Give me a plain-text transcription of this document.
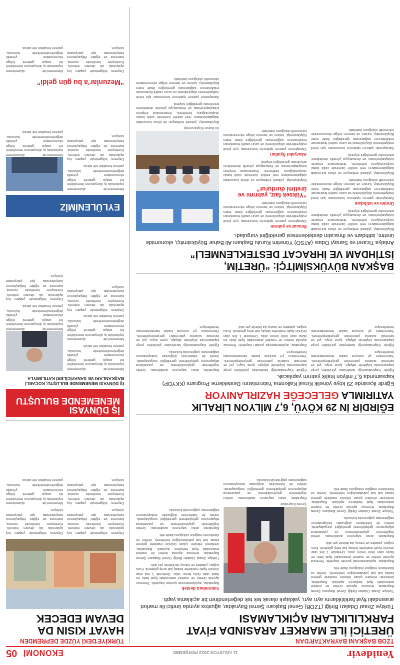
Yenidevir
11 AĞUSTOS 2022 PERŞEMBE
EKONOMİ 05
TZOB BAŞKANI BAYRAKTAR'DAN
ÜRETİCİ İLE MARKET ARASINDA FİYAT
FARKLILIKLARI AÇIKLAMASI
Türkiye Ziraat Odaları Birliği (TZOB) Genel Başkanı Şemsi Bayraktar, ağustos ayında üretici ile market arasındaki fiyat farklılıklarını ayrı ayrı, yaklaşık olarak tek tek değerlendiren bir açıklama yaptı.

Türkiye Ziraat Odaları Birliği Genel Başkanı Şemsi Bayraktar, temmuz ayında üretici ile market arasındaki fiyat farklarını açıkladı. Bayraktar, üreticinin elinden çıkan ürünün markete gelene kadar kat kat pahalandığını belirterek, üretici ve tüketicinin mağdur olduğunu ifade etti.

Bayraktar, açıklamasında şunları kaydetti: Temmuz ayında üretici ve market arasındaki fiyat farkı en fazla olan ürün limon oldu. Üreticide 1 lira olan ürünün fiyatı markette birkaç kat artış gösterdi. Kuru soğan, patates ve havuç da listede yer aldı.

Bayraktar, aracı sayısının azaltılması, üretici örgütlerinin güçlendirilmesi ve pazarlama altyapısının geliştirilmesi gerektiğini vurgulayarak, üretici ile tüketicinin doğrudan buluşmasının sağlanması çağrısında bulundu.

Türkiye Ziraat Odaları Birliği Genel Başkanı Şemsi Bayraktar, temmuz ayında üretici ile market arasındaki fiyat farklarını açıkladı. Bayraktar, üreticinin elinden çıkan ürünün markete gelene kadar kat kat pahalandığını belirterek, üretici ve tüketicinin mağdur olduğunu ifade etti.

Şemsi Bayraktar

Bayraktar, aracı sayısının azaltılması, üretici örgütlerinin güçlendirilmesi ve pazarlama altyapısının geliştirilmesi gerektiğini vurgulayarak, üretici ile tüketicinin doğrudan buluşmasının sağlanması çağrısında bulundu.

Yatırımlara destek

Bayraktar, açıklamasında şunları kaydetti: Temmuz ayında üretici ve market arasındaki fiyat farkı en fazla olan ürün limon oldu. Üreticide 1 lira olan ürünün fiyatı markette birkaç kat artış gösterdi. Kuru soğan, patates ve havuç da listede yer aldı.

Türkiye Ziraat Odaları Birliği Genel Başkanı Şemsi Bayraktar, temmuz ayında üretici ile market arasındaki fiyat farklarını açıkladı. Bayraktar, üreticinin elinden çıkan ürünün markete gelene kadar kat kat pahalandığını belirterek, üretici ve tüketicinin mağdur olduğunu ifade etti.

Bayraktar, aracı sayısının azaltılması, üretici örgütlerinin güçlendirilmesi ve pazarlama altyapısının geliştirilmesi gerektiğini vurgulayarak, üretici ile tüketicinin doğrudan buluşmasının sağlanması çağrısında bulundu.

EĞİRDİR İN 29 KÖYÜ, 6,7 MİLYON LİRALIK
YATIRIMLA GELECEĞE HAZIRLANIYOR
Eğirdir ilçesinde 29 köye yönelik Kırsal Kalkınma Yatırımlarını Destekleme Programı (KKYDP) kapsamında 6,7 milyon liralık yatırım yapılacak.

Eğirdir Kaymakamlığı tarafından yürütülen proje kapsamında köylerde altyapı, içme suyu, yol ve tarımsal sulama yatırımları gerçekleştirilecek. Yatırımların yıl sonuna kadar tamamlanması hedefleniyor.

Eğirdir Kaymakamlığı tarafından yürütülen proje kapsamında köylerde altyapı, içme suyu, yol ve tarımsal sulama yatırımları gerçekleştirilecek. Yatırımların yıl sonuna kadar tamamlanması hedefleniyor.

Eğirdir Kaymakamlığı tarafından yürütülen proje kapsamında köylerde altyapı, içme suyu, yol ve tarımsal sulama yatırımları gerçekleştirilecek. Yatırımların yıl sonuna kadar tamamlanması hedefleniyor.

Bayraktar, açıklamasında şunları kaydetti: Temmuz ayında üretici ve market arasındaki fiyat farkı en fazla olan ürün limon oldu. Üreticide 1 lira olan ürünün fiyatı markette birkaç kat artış gösterdi. Kuru soğan, patates ve havuç da listede yer aldı.

Bayraktar, aracı sayısının azaltılması, üretici örgütlerinin güçlendirilmesi ve pazarlama altyapısının geliştirilmesi gerektiğini vurgulayarak, üretici ile tüketicinin doğrudan buluşmasının sağlanması çağrısında bulundu.

Eğirdir Kaymakamlığı tarafından yürütülen proje kapsamında köylerde altyapı, içme suyu, yol ve tarımsal sulama yatırımları gerçekleştirilecek. Yatırımların yıl sonuna kadar tamamlanması hedefleniyor.

BAŞKAN BÜYÜKSİMİTÇİ: “ÜRETİM,
İSTİHDAM VE İHRACAT DESTEKLENMELİ”
Antalya Ticaret ve Sanayi Odası (ATSO) Yönetim Kurulu Başkanı Ali Bahar Büyüksimitçi, ekonomide üretim, istihdam ve ihracatın desteklenmesi gerektiğini vurguladı.

Büyüksimitçi, yüksek enflasyon ve döviz kurundaki dalgalanmaların reel sektör üzerinde ciddi baskı oluşturduğunu belirterek, finansmana erişimin kolaylaştırılması ve ihracatçıya yönelik desteklerin artırılması gerektiğini söyledi.

Üretim ve istihdam

Sanayicinin yatırım iştahının korunması için kredi maliyetlerinin düşürülmesi ve uzun vadeli finansman imkânlarının sağlanması gerektiğini ifade eden Büyüksimitçi, turizm ve tarımın bölge ekonomisinin lokomotifi olduğunu hatırlattı.

Büyüksimitçi, yüksek enflasyon ve döviz kurundaki dalgalanmaların reel sektör üzerinde ciddi baskı oluşturduğunu belirterek, finansmana erişimin kolaylaştırılması ve ihracatçıya yönelik desteklerin artırılması gerektiğini söyledi.

Sanayicinin yatırım iştahının korunması için kredi maliyetlerinin düşürülmesi ve uzun vadeli finansman imkânlarının sağlanması gerektiğini ifade eden Büyüksimitçi, turizm ve tarımın bölge ekonomisinin lokomotifi olduğunu hatırlattı.

İhracat ve yatırım

Sanayicinin yatırım iştahının korunması için kredi maliyetlerinin düşürülmesi ve uzun vadeli finansman imkânlarının sağlanması gerektiğini ifade eden Büyüksimitçi, turizm ve tarımın bölge ekonomisinin lokomotifi olduğunu hatırlattı.

“Yüksek faiz, yatırımı ve üretimi durdurur”

Büyüksimitçi, yüksek enflasyon ve döviz kurundaki dalgalanmaların reel sektör üzerinde ciddi baskı oluşturduğunu belirterek, finansmana erişimin kolaylaştırılması ve ihracatçıya yönelik desteklerin artırılması gerektiğini söyledi.

Akaryakıt fiyatları

Sanayicinin yatırım iştahının korunması için kredi maliyetlerinin düşürülmesi ve uzun vadeli finansman imkânlarının sağlanması gerektiğini ifade eden Büyüksimitçi, turizm ve tarımın bölge ekonomisinin lokomotifi olduğunu hatırlattı.

Ali Bahar Büyüksimitçi

Büyüksimitçi, yüksek enflasyon ve döviz kurundaki dalgalanmaların reel sektör üzerinde ciddi baskı oluşturduğunu belirterek, finansmana erişimin kolaylaştırılması ve ihracatçıya yönelik desteklerin artırılması gerektiğini söyledi.

Sanayicinin yatırım iştahının korunması için kredi maliyetlerinin düşürülmesi ve uzun vadeli finansman imkânlarının sağlanması gerektiğini ifade eden Büyüksimitçi, turizm ve tarımın bölge ekonomisinin lokomotifi olduğunu hatırlattı.

TÜRKİYE'DEKİ YÜZDE DEPREMDEN
HAYAT KISIN DA DEVAM EDECEK

Deprem bölgesinde yaşam kış aylarında da devam edecek. Konteyner kentlerde ısınma, barınma ve eğitim ihtiyaçlarının karşılanması için çalışmalar sürüyor.

Deprem bölgesinde yaşam kış aylarında da devam edecek. Konteyner kentlerde ısınma, barınma ve eğitim ihtiyaçlarının karşılanması için çalışmalar sürüyor.

Deprem bölgesinde yaşam kış aylarında da devam edecek. Konteyner kentlerde ısınma, barınma ve eğitim ihtiyaçlarının karşılanması için çalışmalar sürüyor.

Menemen'de düzenlenen toplantıda iş dünyasının temsilcileri bir araya gelerek bölge ekonomisine yönelik değerlendirmelerde bulundu, yatırım fırsatları ele alındı.

İŞ DÜNYASI MENEMENDE BULUŞTU
İŞ DÜNYASI MENEMENDE BULUŞTU, KOCAELİ BAŞKANLARI VE SANAYİCİLERİ KATILIMIYLA

Menemen'de düzenlenen toplantıda iş dünyasının temsilcileri bir araya gelerek bölge ekonomisine yönelik değerlendirmelerde bulundu, yatırım fırsatları ele alındı.

Menemen'de düzenlenen toplantıda iş dünyasının temsilcileri bir araya gelerek bölge ekonomisine yönelik değerlendirmelerde bulundu, yatırım fırsatları ele alındı.

Deprem bölgesinde yaşam kış aylarında da devam edecek. Konteyner kentlerde ısınma, barınma ve eğitim ihtiyaçlarının karşılanması için çalışmalar sürüyor.

Menemen'de düzenlenen toplantıda iş dünyasının temsilcileri bir araya gelerek bölge ekonomisine yönelik değerlendirmelerde bulundu, yatırım fırsatları ele alındı.

Deprem bölgesinde yaşam kış aylarında da devam edecek. Konteyner kentlerde ısınma, barınma ve eğitim ihtiyaçlarının karşılanması için çalışmalar sürüyor.

EYLÜLENİMİZ

Menemen'de düzenlenen toplantıda iş dünyasının temsilcileri bir araya gelerek bölge ekonomisine yönelik değerlendirmelerde bulundu, yatırım fırsatları ele alındı.

Deprem bölgesinde yaşam kış aylarında da devam edecek. Konteyner kentlerde ısınma, barınma ve eğitim ihtiyaçlarının karşılanması için çalışmalar sürüyor.

Menemen'de düzenlenen toplantıda iş dünyasının temsilcileri bir araya gelerek bölge ekonomisine yönelik değerlendirmelerde bulundu, yatırım fırsatları ele alındı.

“Mezunlar’a bu gün geldi”

Deprem bölgesinde yaşam kış aylarında da devam edecek. Konteyner kentlerde ısınma, barınma ve eğitim ihtiyaçlarının karşılanması için çalışmalar sürüyor.

Menemen'de düzenlenen toplantıda iş dünyasının temsilcileri bir araya gelerek bölge ekonomisine yönelik değerlendirmelerde bulundu, yatırım fırsatları ele alındı.
